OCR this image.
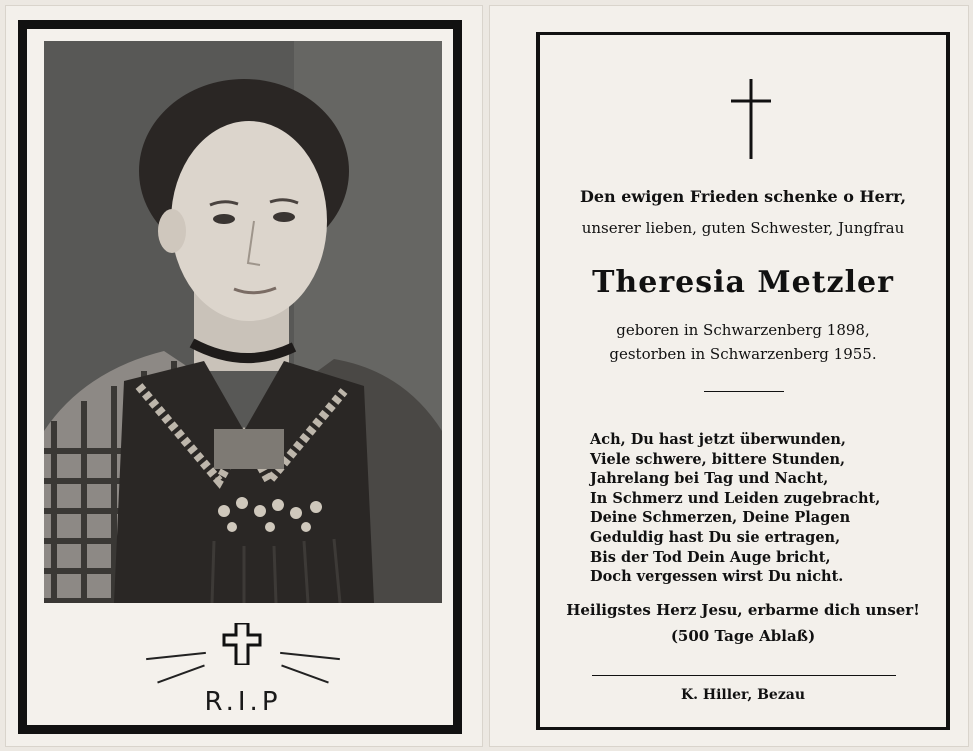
R.I.P
Den ewigen Frieden schenke o Herr,
unserer lieben, guten Schwester, Jungfrau
Theresia Metzler
geboren in Schwarzenberg 1898,
gestorben in Schwarzenberg 1955.
Ach, Du hast jetzt überwunden,
Viele schwere, bittere Stunden,
Jahrelang bei Tag und Nacht,
In Schmerz und Leiden zugebracht,
Deine Schmerzen, Deine Plagen
Geduldig hast Du sie ertragen,
Bis der Tod Dein Auge bricht,
Doch vergessen wirst Du nicht.
Heiligstes Herz Jesu, erbarme dich unser!
(500 Tage Ablaß)
K. Hiller, Bezau
